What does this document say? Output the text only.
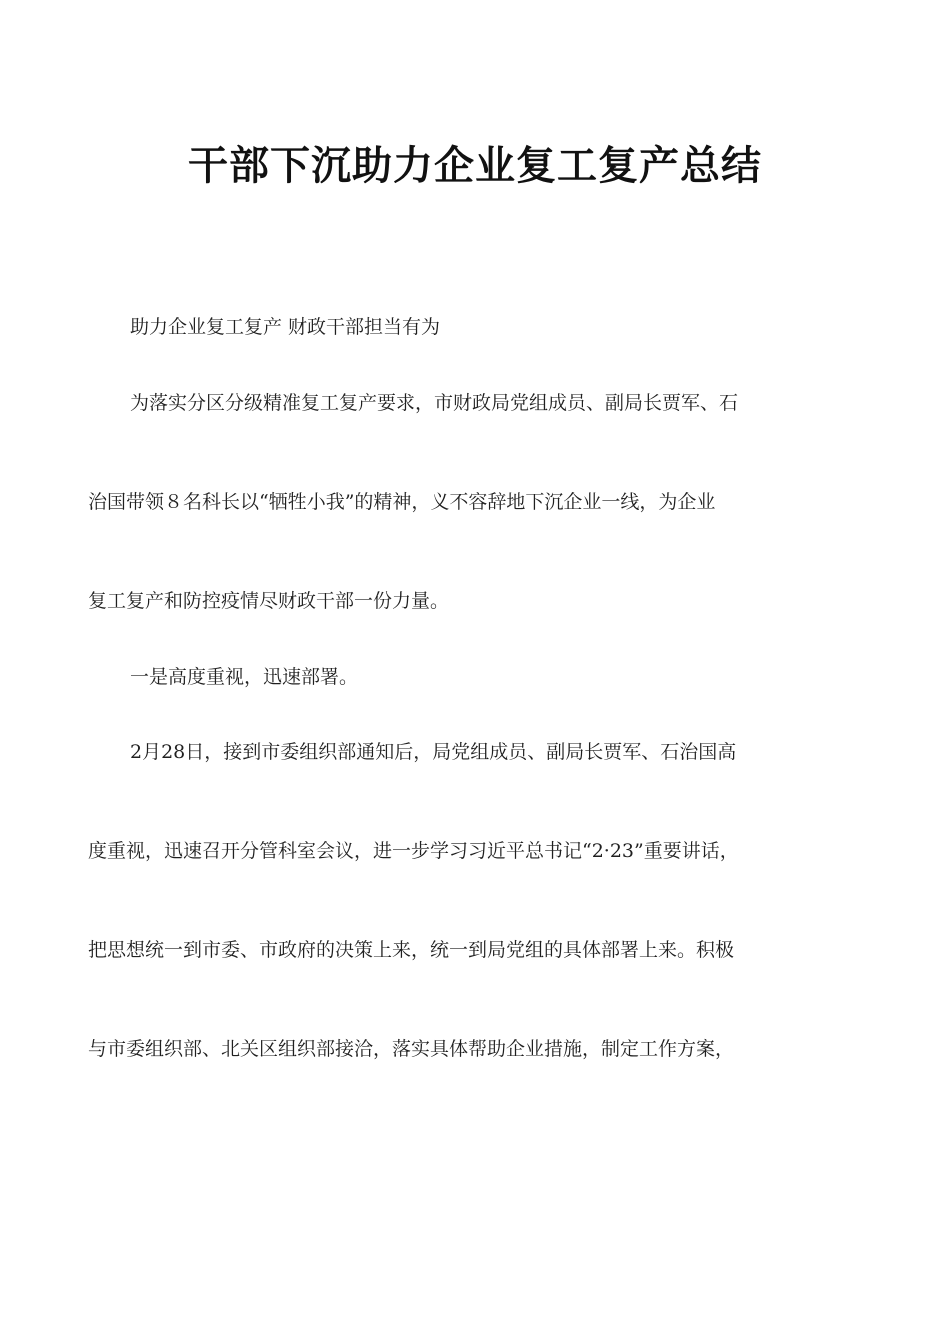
干部下沉助力企业复工复产总结
助力企业复工复产 财政干部担当有为
为落实分区分级精准复工复产要求，市财政局党组成员、副局长贾军、石
治国带领８名科长以“牺牲小我”的精神，义不容辞地下沉企业一线，为企业
复工复产和防控疫情尽财政干部一份力量。
一是高度重视，迅速部署。
2月28日，接到市委组织部通知后，局党组成员、副局长贾军、石治国高
度重视，迅速召开分管科室会议，进一步学习习近平总书记“2·23”重要讲话，
把思想统一到市委、市政府的决策上来，统一到局党组的具体部署上来。积极
与市委组织部、北关区组织部接洽，落实具体帮助企业措施，制定工作方案，
